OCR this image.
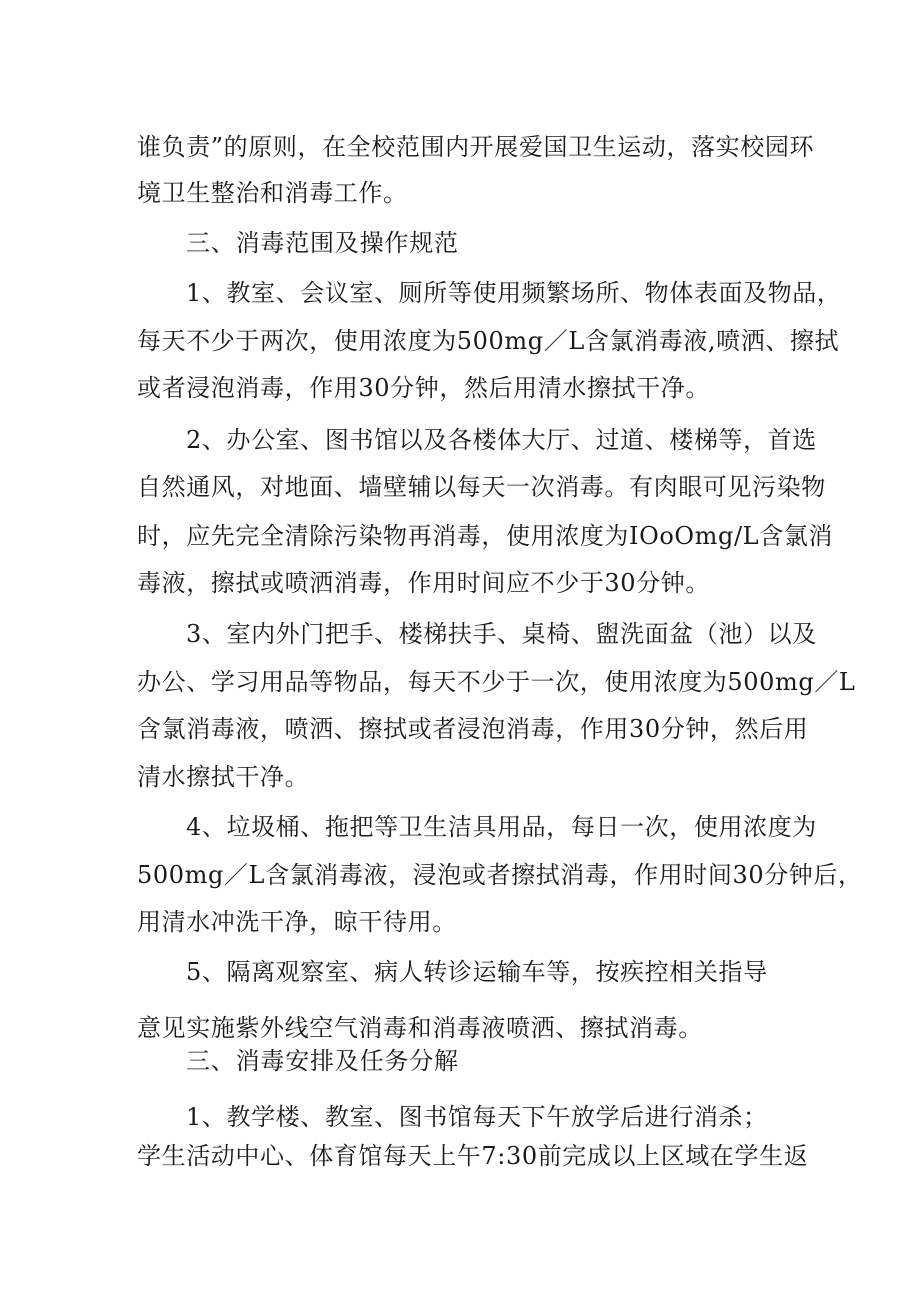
谁负责”的原则，在全校范围内开展爱国卫生运动，落实校园环
境卫生整治和消毒工作。
三、消毒范围及操作规范
1、教室、会议室、厕所等使用频繁场所、物体表面及物品，
每天不少于两次，使用浓度为500mg／L含氯消毒液,喷洒、擦拭
或者浸泡消毒，作用30分钟，然后用清水擦拭干净。
2、办公室、图书馆以及各楼体大厅、过道、楼梯等，首选
自然通风，对地面、墙壁辅以每天一次消毒。有肉眼可见污染物
时，应先完全清除污染物再消毒，使用浓度为IOoOmg/L含氯消
毒液，擦拭或喷洒消毒，作用时间应不少于30分钟。
3、室内外门把手、楼梯扶手、桌椅、盥洗面盆（池）以及
办公、学习用品等物品，每天不少于一次，使用浓度为500mg／L
含氯消毒液，喷洒、擦拭或者浸泡消毒，作用30分钟，然后用
清水擦拭干净。
4、垃圾桶、拖把等卫生洁具用品，每日一次，使用浓度为
500mg／L含氯消毒液，浸泡或者擦拭消毒，作用时间30分钟后，
用清水冲洗干净，晾干待用。
5、隔离观察室、病人转诊运输车等，按疾控相关指导
意见实施紫外线空气消毒和消毒液喷洒、擦拭消毒。
三、消毒安排及任务分解
1、教学楼、教室、图书馆每天下午放学后进行消杀；
学生活动中心、体育馆每天上午7:30前完成以上区域在学生返
